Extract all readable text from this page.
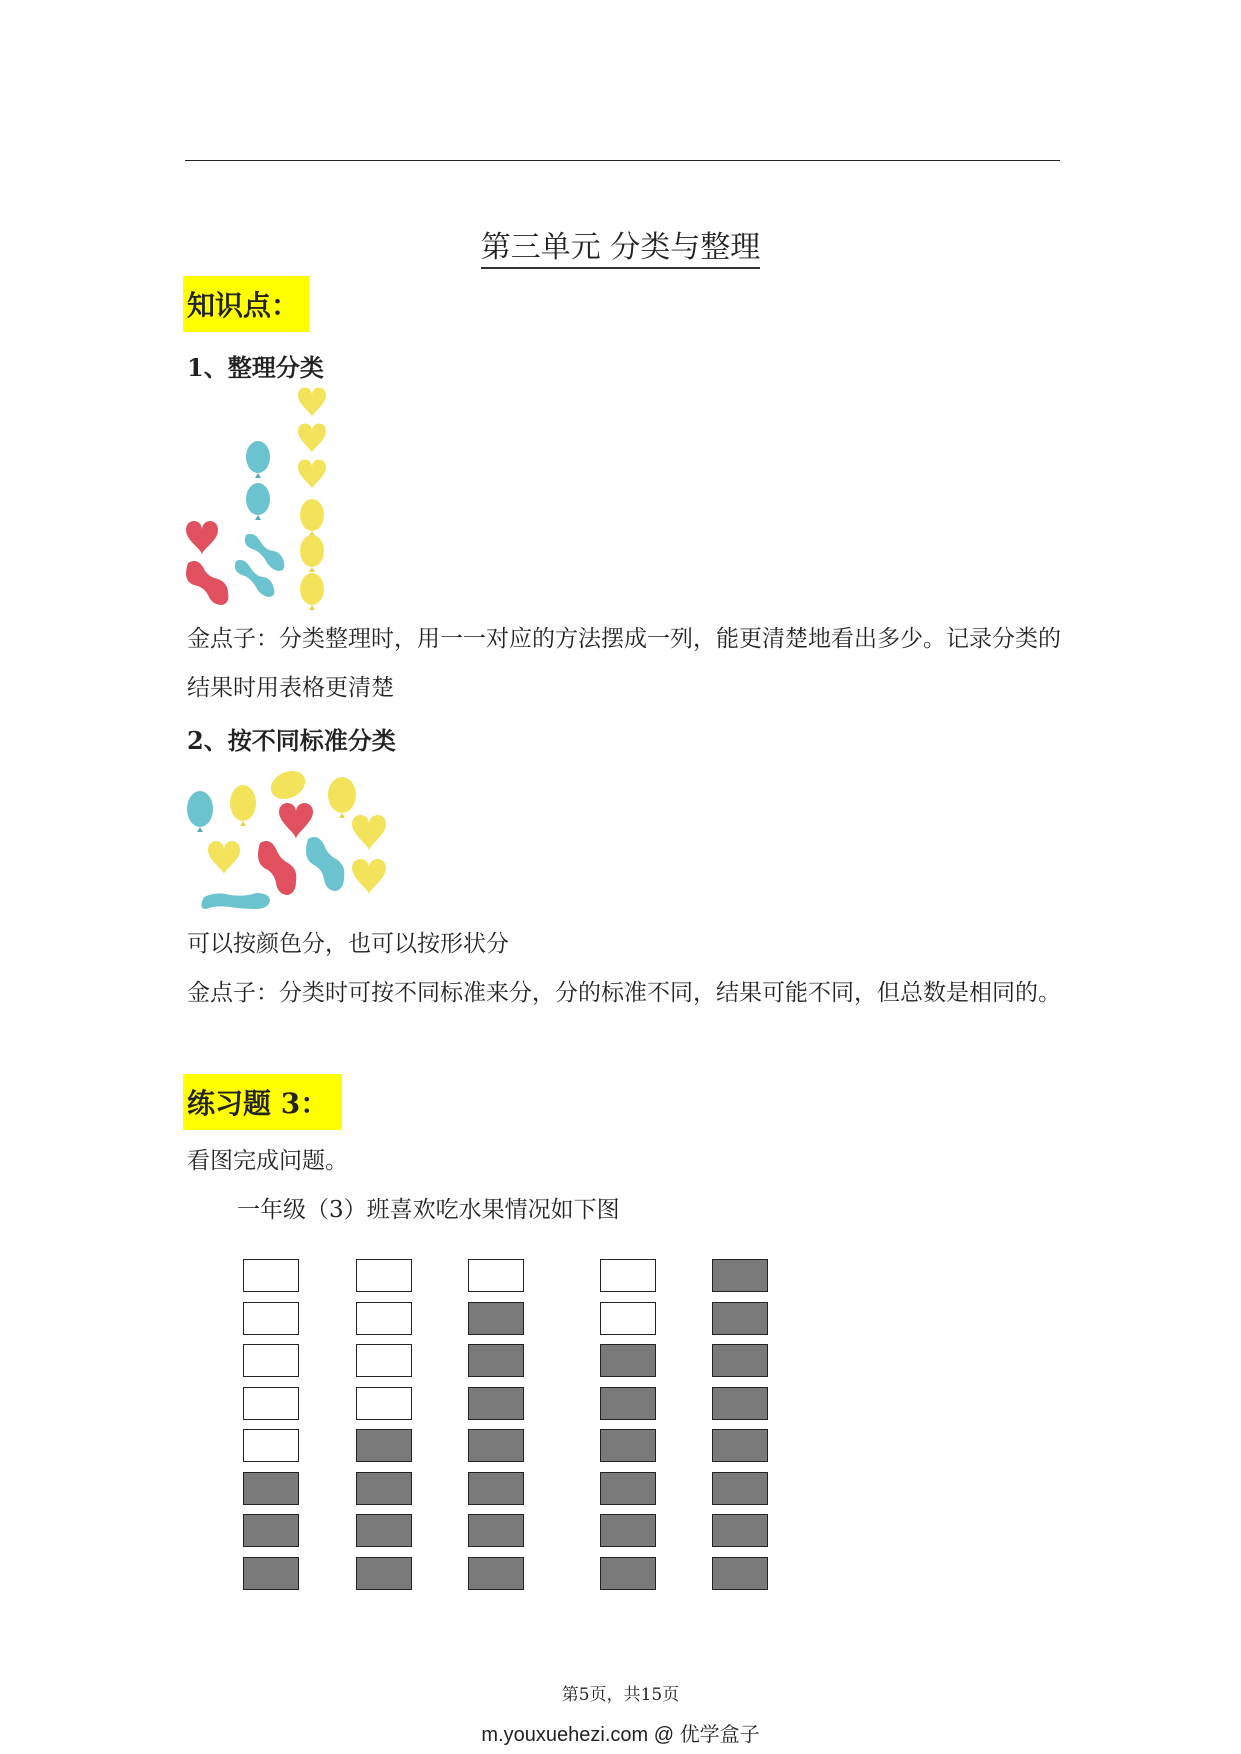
第三单元 分类与整理
知识点：
1、整理分类
金点子：分类整理时，用一一对应的方法摆成一列，能更清楚地看出多少。记录分类的结果时用表格更清楚
2、按不同标准分类
可以按颜色分，也可以按形状分
金点子：分类时可按不同标准来分，分的标准不同，结果可能不同，但总数是相同的。
练习题 3：
看图完成问题。
一年级（3）班喜欢吃水果情况如下图
第5页，共15页
m.youxuehezi.com @ 优学盒子
